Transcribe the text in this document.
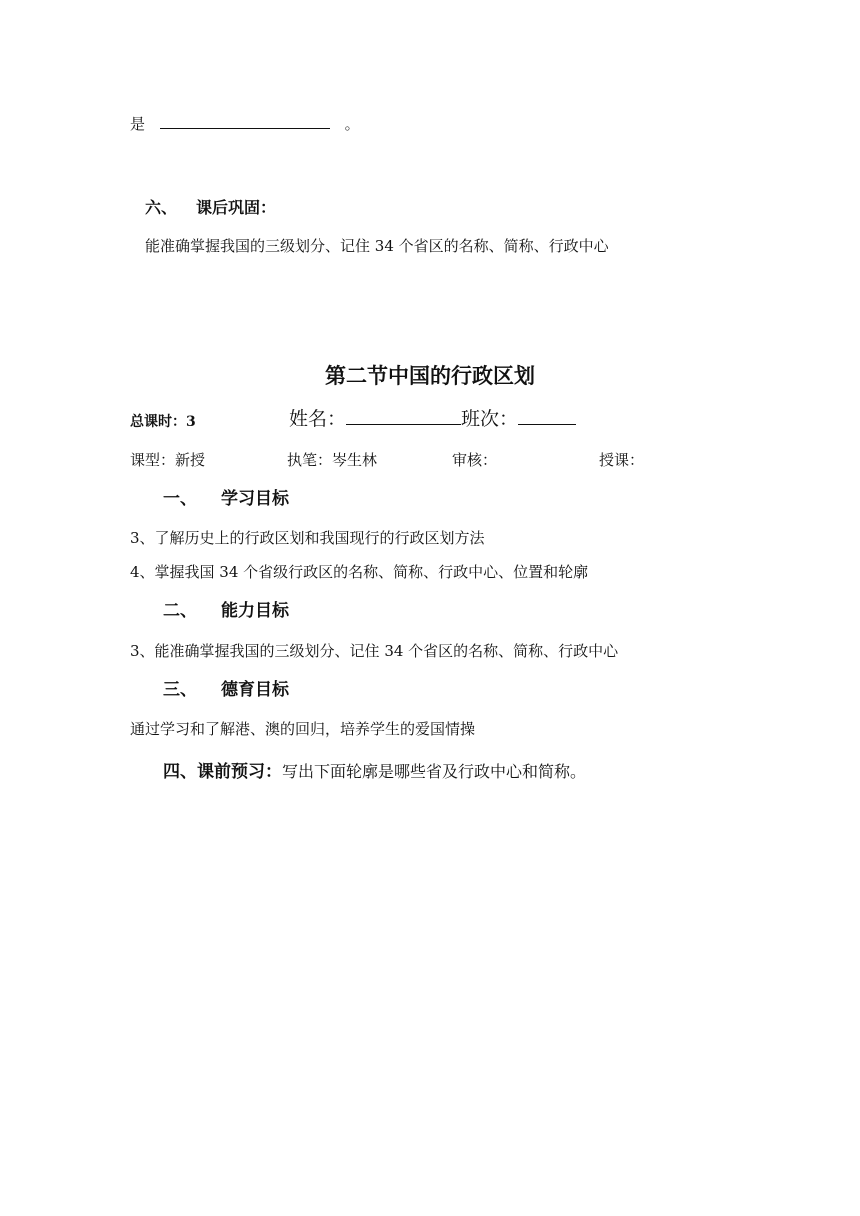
是	。
六、 课后巩固：
能准确掌握我国的三级划分、记住 34 个省区的名称、简称、行政中心
第二节中国的行政区划
总课时：3	姓名：	班次：
课型：新授	执笔：岑生林	审核：	授课：
一、 学习目标
3、了解历史上的行政区划和我国现行的行政区划方法
4、掌握我国 34 个省级行政区的名称、简称、行政中心、位置和轮廓
二、 能力目标
3、能准确掌握我国的三级划分、记住 34 个省区的名称、简称、行政中心
三、 德育目标
通过学习和了解港、澳的回归，培养学生的爱国情操
四、课前预习：写出下面轮廓是哪些省及行政中心和简称。
